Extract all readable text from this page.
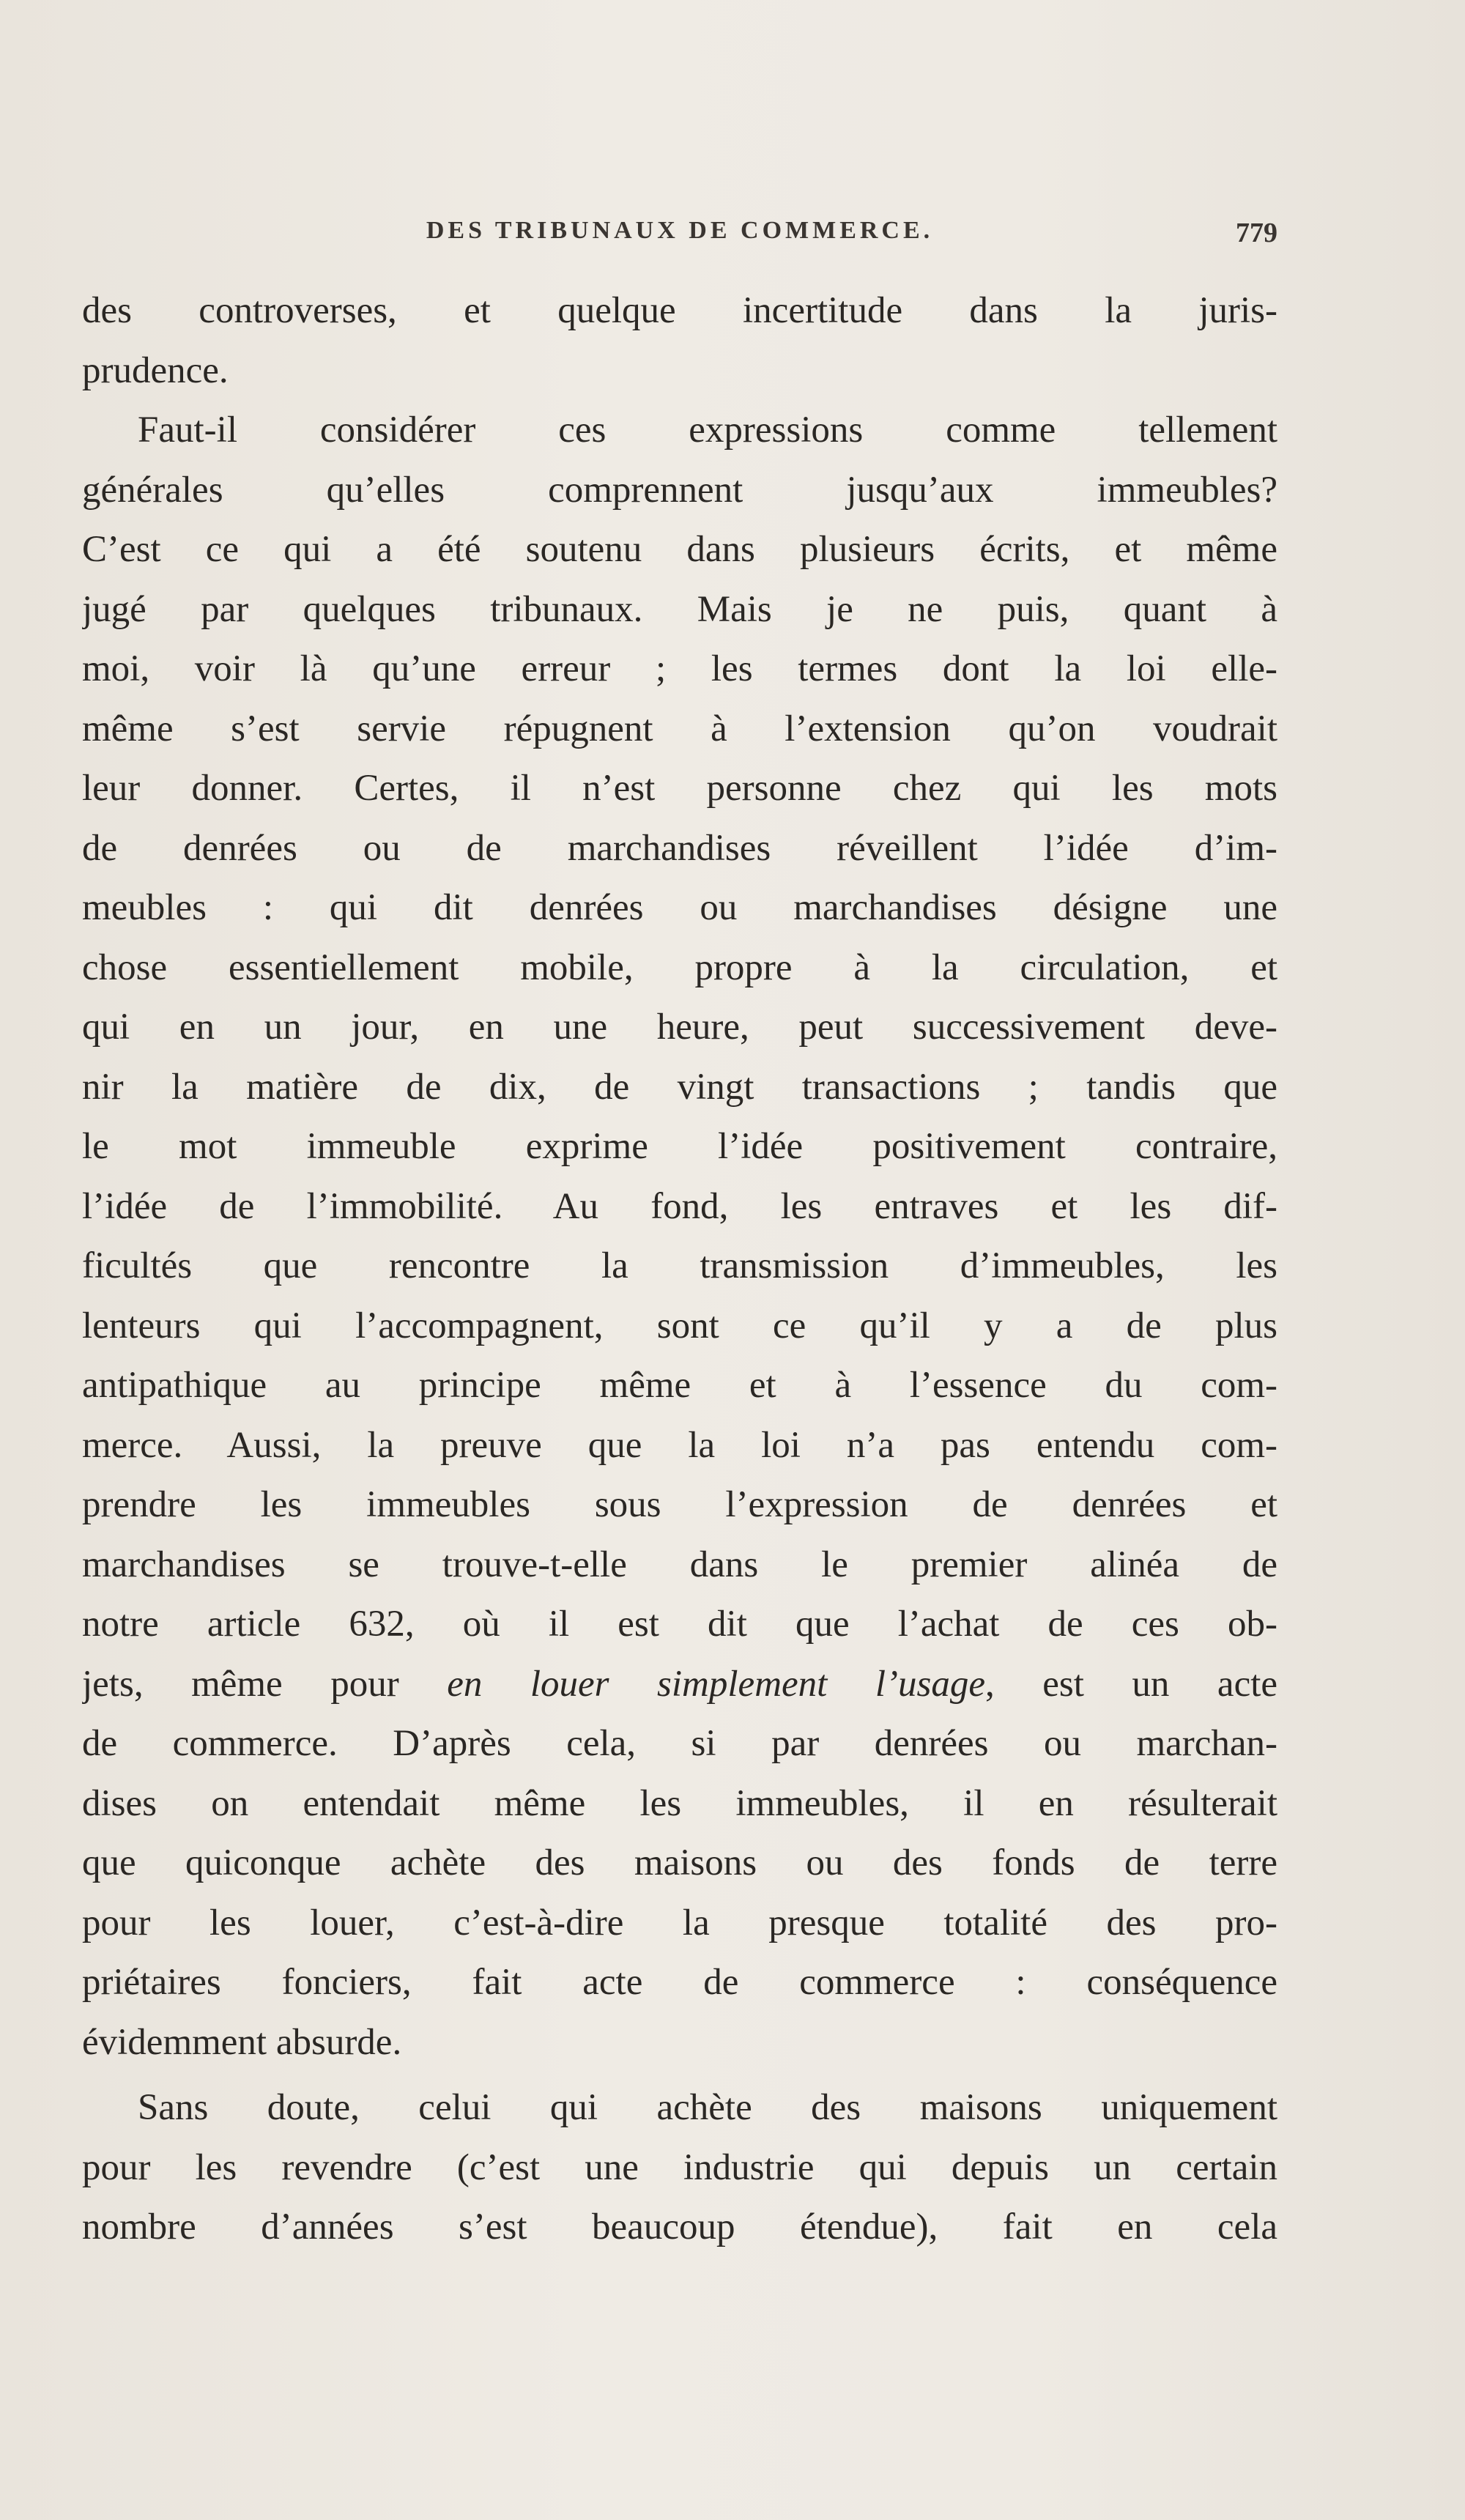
DES TRIBUNAUX DE COMMERCE.	779
des controverses, et quelque incertitude dans la juris-
prudence.
Faut-il considérer ces expressions comme tellement
générales qu’elles comprennent jusqu’aux immeubles?
C’est ce qui a été soutenu dans plusieurs écrits, et même
jugé par quelques tribunaux. Mais je ne puis, quant à
moi, voir là qu’une erreur ; les termes dont la loi elle-
même s’est servie répugnent à l’extension qu’on voudrait
leur donner. Certes, il n’est personne chez qui les mots
de denrées ou de marchandises réveillent l’idée d’im-
meubles : qui dit denrées ou marchandises désigne une
chose essentiellement mobile, propre à la circulation, et
qui en un jour, en une heure, peut successivement deve-
nir la matière de dix, de vingt transactions ; tandis que
le mot immeuble exprime l’idée positivement contraire,
l’idée de l’immobilité. Au fond, les entraves et les dif-
ficultés que rencontre la transmission d’immeubles, les
lenteurs qui l’accompagnent, sont ce qu’il y a de plus
antipathique au principe même et à l’essence du com-
merce. Aussi, la preuve que la loi n’a pas entendu com-
prendre les immeubles sous l’expression de denrées et
marchandises se trouve-t-elle dans le premier alinéa de
notre article 632, où il est dit que l’achat de ces ob-
jets, même pour en louer simplement l’usage, est un acte
de commerce. D’après cela, si par denrées ou marchan-
dises on entendait même les immeubles, il en résulterait
que quiconque achète des maisons ou des fonds de terre
pour les louer, c’est-à-dire la presque totalité des pro-
priétaires fonciers, fait acte de commerce : conséquence
évidemment absurde.
Sans doute, celui qui achète des maisons uniquement
pour les revendre (c’est une industrie qui depuis un certain
nombre d’années s’est beaucoup étendue), fait en cela
